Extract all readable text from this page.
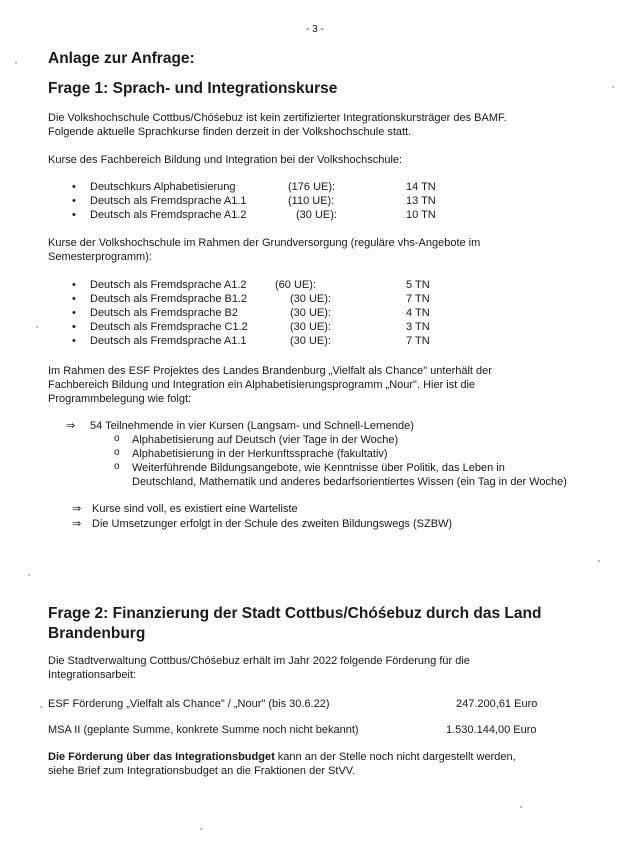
- 3 -
Anlage zur Anfrage:
Frage 1: Sprach- und Integrationskurse
Die Volkshochschule Cottbus/Chóśebuz ist kein zertifizierter Integrationskursträger des BAMF.
Folgende aktuelle Sprachkurse finden derzeit in der Volkshochschule statt.
Kurse des Fachbereich Bildung und Integration bei der Volkshochschule:
• Deutschkurs Alphabetisierung	(176 UE):	14 TN
• Deutsch als Fremdsprache A1.1	(110 UE):	13 TN
• Deutsch als Fremdsprache A1.2	(30 UE):	10 TN
Kurse der Volkshochschule im Rahmen der Grundversorgung (reguläre vhs-Angebote im
Semesterprogramm):
• Deutsch als Fremdsprache A1.2	(60 UE):	5 TN
• Deutsch als Fremdsprache B1.2	(30 UE):	7 TN
• Deutsch als Fremdsprache B2	(30 UE):	4 TN
• Deutsch als Fremdsprache C1.2	(30 UE):	3 TN
• Deutsch als Fremdsprache A1.1	(30 UE):	7 TN
Im Rahmen des ESF Projektes des Landes Brandenburg „Vielfalt als Chance" unterhält der
Fachbereich Bildung und Integration ein Alphabetisierungsprogramm „Nour". Hier ist die
Programmbelegung wie folgt:
⇒ 54 Teilnehmende in vier Kursen (Langsam- und Schnell-Lernende)
o Alphabetisierung auf Deutsch (vier Tage in der Woche)
o Alphabetisierung in der Herkunftssprache (fakultativ)
o Weiterführende Bildungsangebote, wie Kenntnisse über Politik, das Leben in Deutschland, Mathematik und anderes bedarfsorientiertes Wissen (ein Tag in der Woche)
⇒ Kurse sind voll, es existiert eine Warteliste
⇒ Die Umsetzunger erfolgt in der Schule des zweiten Bildungswegs (SZBW)
Frage 2: Finanzierung der Stadt Cottbus/Chóśebuz durch das Land Brandenburg
Die Stadtverwaltung Cottbus/Chóśebuz erhält im Jahr 2022 folgende Förderung für die
Integrationsarbeit:
ESF Förderung „Vielfalt als Chance" / „Nour" (bis 30.6.22)	247.200,61 Euro
MSA II (geplante Summe, konkrete Summe noch nicht bekannt)	1.530.144,00 Euro
Die Förderung über das Integrationsbudget kann an der Stelle noch nicht dargestellt werden,
siehe Brief zum Integrationsbudget an die Fraktionen der StVV.
